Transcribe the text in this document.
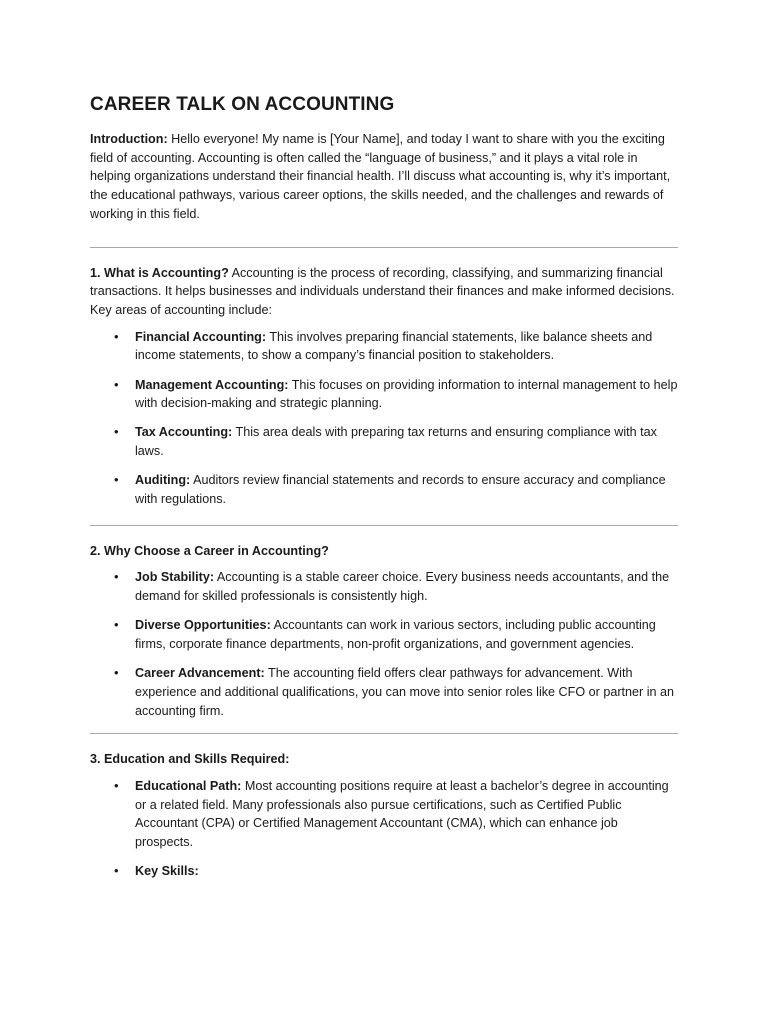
CAREER TALK ON ACCOUNTING

Introduction: Hello everyone! My name is [Your Name], and today I want to share with you the exciting field of accounting. Accounting is often called the “language of business,” and it plays a vital role in helping organizations understand their financial health. I’ll discuss what accounting is, why it’s important, the educational pathways, various career options, the skills needed, and the challenges and rewards of working in this field.

1. What is Accounting? Accounting is the process of recording, classifying, and summarizing financial transactions. It helps businesses and individuals understand their finances and make informed decisions. Key areas of accounting include:

• Financial Accounting: This involves preparing financial statements, like balance sheets and income statements, to show a company’s financial position to stakeholders.
• Management Accounting: This focuses on providing information to internal management to help with decision-making and strategic planning.
• Tax Accounting: This area deals with preparing tax returns and ensuring compliance with tax laws.
• Auditing: Auditors review financial statements and records to ensure accuracy and compliance with regulations.

2. Why Choose a Career in Accounting?

• Job Stability: Accounting is a stable career choice. Every business needs accountants, and the demand for skilled professionals is consistently high.
• Diverse Opportunities: Accountants can work in various sectors, including public accounting firms, corporate finance departments, non-profit organizations, and government agencies.
• Career Advancement: The accounting field offers clear pathways for advancement. With experience and additional qualifications, you can move into senior roles like CFO or partner in an accounting firm.

3. Education and Skills Required:

• Educational Path: Most accounting positions require at least a bachelor’s degree in accounting or a related field. Many professionals also pursue certifications, such as Certified Public Accountant (CPA) or Certified Management Accountant (CMA), which can enhance job prospects.
• Key Skills:
